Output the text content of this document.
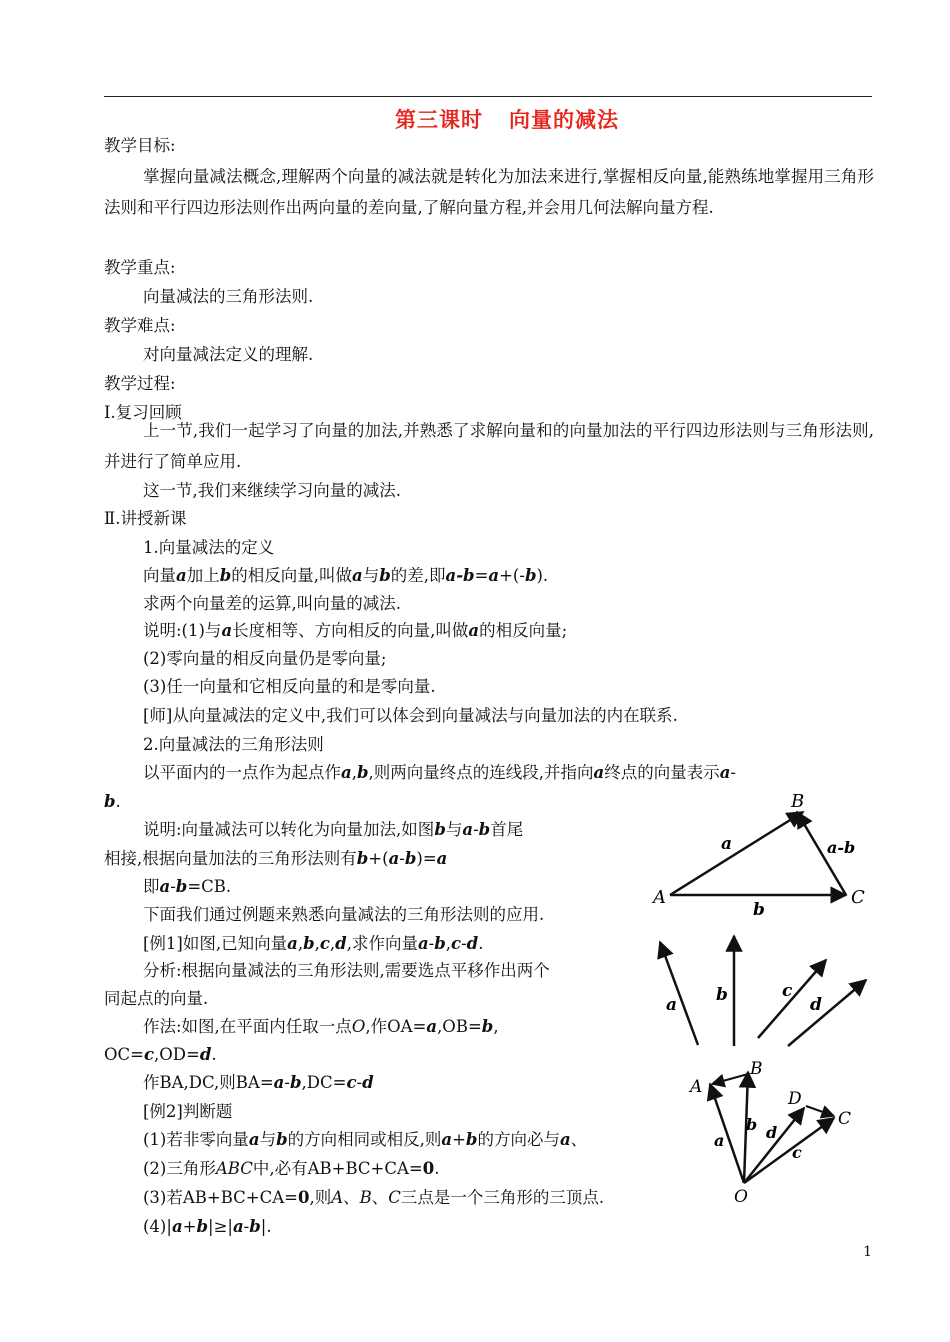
第三课时 向量的减法
教学目标:
掌握向量减法概念,理解两个向量的减法就是转化为加法来进行,掌握相反向量,能熟练地掌握用三角形法则和平行四边形法则作出两向量的差向量,了解向量方程,并会用几何法解向量方程.
教学重点:
向量减法的三角形法则.
教学难点:
对向量减法定义的理解.
教学过程:
Ⅰ.复习回顾
上一节,我们一起学习了向量的加法,并熟悉了求解向量和的向量加法的平行四边形法则与三角形法则,并进行了简单应用.
这一节,我们来继续学习向量的减法.
Ⅱ.讲授新课
1.向量减法的定义
向量a加上b的相反向量,叫做a与b的差,即a-b=a+(-b).
求两个向量差的运算,叫向量的减法.
说明:(1)与a长度相等、方向相反的向量,叫做a的相反向量;
(2)零向量的相反向量仍是零向量;
(3)任一向量和它相反向量的和是零向量.
[师]从向量减法的定义中,我们可以体会到向量减法与向量加法的内在联系.
2.向量减法的三角形法则
以平面内的一点作为起点作a,b,则两向量终点的连线段,并指向a终点的向量表示a-
b.
说明:向量减法可以转化为向量加法,如图b与a-b首尾
相接,根据向量加法的三角形法则有b+(a-b)=a
即a-b=CB.
下面我们通过例题来熟悉向量减法的三角形法则的应用.
[例1]如图,已知向量a,b,c,d,求作向量a-b,c-d.
分析:根据向量减法的三角形法则,需要选点平移作出两个
同起点的向量.
作法:如图,在平面内任取一点O,作OA=a,OB=b,
OC=c,OD=d.
作BA,DC,则BA=a-b,DC=c-d
[例2]判断题
(1)若非零向量a与b的方向相同或相反,则a+b的方向必与a、
(2)三角形ABC中,必有AB+BC+CA=0.
(3)若AB+BC+CA=0,则A、B、C三点是一个三角形的三顶点.
(4)|a+b|≥|a-b|.
A
B
C
a
b
a-b
a b	c
d
O
A
B
D
C
a
b d
c
1
